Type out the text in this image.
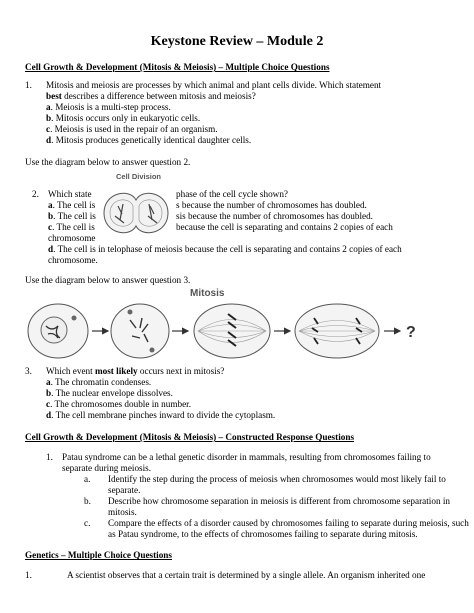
Keystone Review – Module 2
Cell Growth & Development (Mitosis & Meiosis) – Multiple Choice Questions
1. Mitosis and meiosis are processes by which animal and plant cells divide. Which statement
best describes a difference between mitosis and meiosis?
a. Meiosis is a multi-step process.
b. Mitosis occurs only in eukaryotic cells.
c. Meiosis is used in the repair of an organism.
d. Mitosis produces genetically identical daughter cells.
Use the diagram below to answer question 2.
2. Which state	phase of the cell cycle shown?
a. The cell is	s because the number of chromosomes has doubled.
b. The cell is	sis because the number of chromosomes has doubled.
c. The cell is	because the cell is separating and contains 2 copies of each
chromosome
d. The cell is in telophase of meiosis because the cell is separating and contains 2 copies of each
chromosome.
Cell Division
Use the diagram below to answer question 3.
Mitosis
?
3. Which event most likely occurs next in mitosis?
a. The chromatin condenses.
b. The nuclear envelope dissolves.
c. The chromosomes double in number.
d. The cell membrane pinches inward to divide the cytoplasm.
Cell Growth & Development (Mitosis & Meiosis) – Constructed Response Questions
1. Patau syndrome can be a lethal genetic disorder in mammals, resulting from chromosomes failing to
separate during meiosis.
a. Identify the step during the process of meiosis when chromosomes would most likely fail to
separate.
b. Describe how chromosome separation in meiosis is different from chromosome separation in
mitosis.
c. Compare the effects of a disorder caused by chromosomes failing to separate during meiosis, such
as Patau syndrome, to the effects of chromosomes failing to separate during mitosis.
Genetics – Multiple Choice Questions
1.	A scientist observes that a certain trait is determined by a single allele. An organism inherited one
